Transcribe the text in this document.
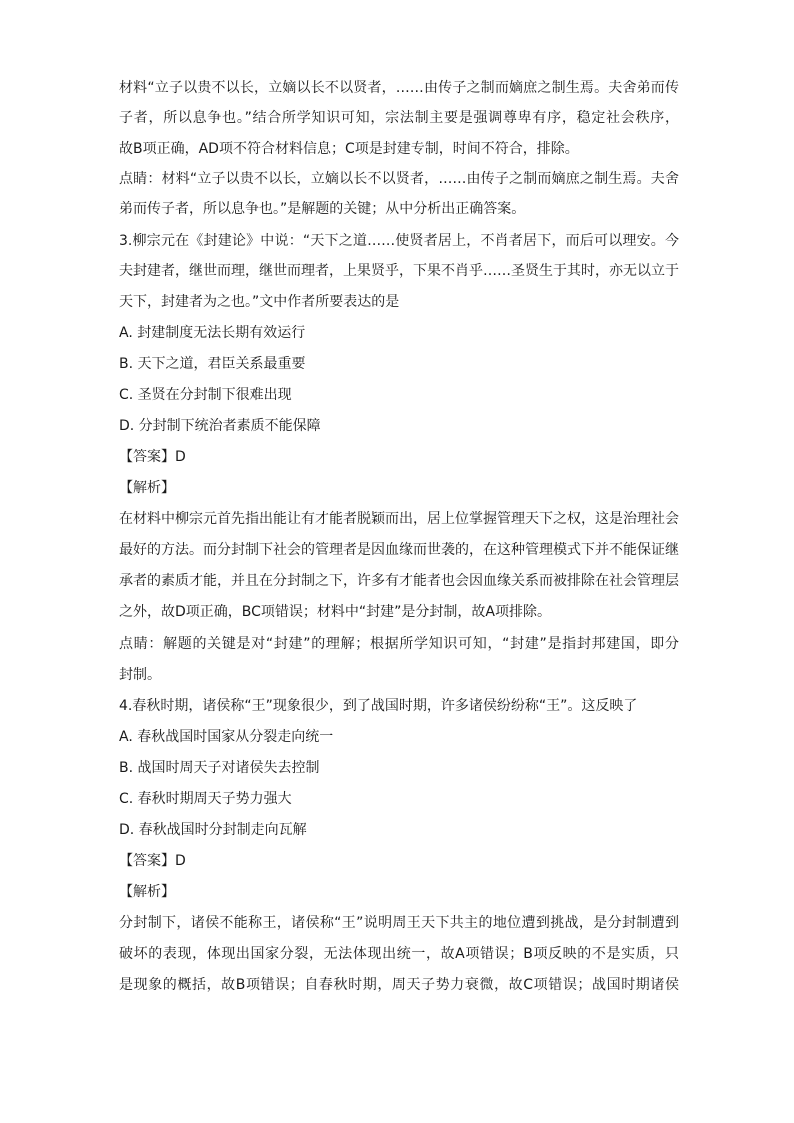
材料“立子以贵不以长，立嫡以长不以贤者，……由传子之制而嫡庶之制生焉。夫舍弟而传
子者，所以息争也。”结合所学知识可知，宗法制主要是强调尊卑有序，稳定社会秩序，
故B项正确，AD项不符合材料信息；C项是封建专制，时间不符合，排除。
点睛：材料“立子以贵不以长，立嫡以长不以贤者，……由传子之制而嫡庶之制生焉。夫舍
弟而传子者，所以息争也。”是解题的关键；从中分析出正确答案。
3.柳宗元在《封建论》中说：“天下之道……使贤者居上，不肖者居下，而后可以理安。今
夫封建者，继世而理，继世而理者，上果贤乎，下果不肖乎……圣贤生于其时，亦无以立于
天下，封建者为之也。”文中作者所要表达的是
A. 封建制度无法长期有效运行
B. 天下之道，君臣关系最重要
C. 圣贤在分封制下很难出现
D. 分封制下统治者素质不能保障
【答案】D
【解析】
在材料中柳宗元首先指出能让有才能者脱颖而出，居上位掌握管理天下之权，这是治理社会
最好的方法。而分封制下社会的管理者是因血缘而世袭的，在这种管理模式下并不能保证继
承者的素质才能，并且在分封制之下，许多有才能者也会因血缘关系而被排除在社会管理层
之外，故D项正确，BC项错误；材料中“封建”是分封制，故A项排除。
点睛：解题的关键是对“封建”的理解；根据所学知识可知，“封建”是指封邦建国，即分
封制。
4.春秋时期，诸侯称“王”现象很少，到了战国时期，许多诸侯纷纷称“王”。这反映了
A. 春秋战国时国家从分裂走向统一
B. 战国时周天子对诸侯失去控制
C. 春秋时期周天子势力强大
D. 春秋战国时分封制走向瓦解
【答案】D
【解析】
分封制下，诸侯不能称王，诸侯称“王”说明周王天下共主的地位遭到挑战，是分封制遭到
破坏的表现，体现出国家分裂，无法体现出统一，故A项错误；B项反映的不是实质，只
是现象的概括，故B项错误；自春秋时期，周天子势力衰微，故C项错误；战国时期诸侯
